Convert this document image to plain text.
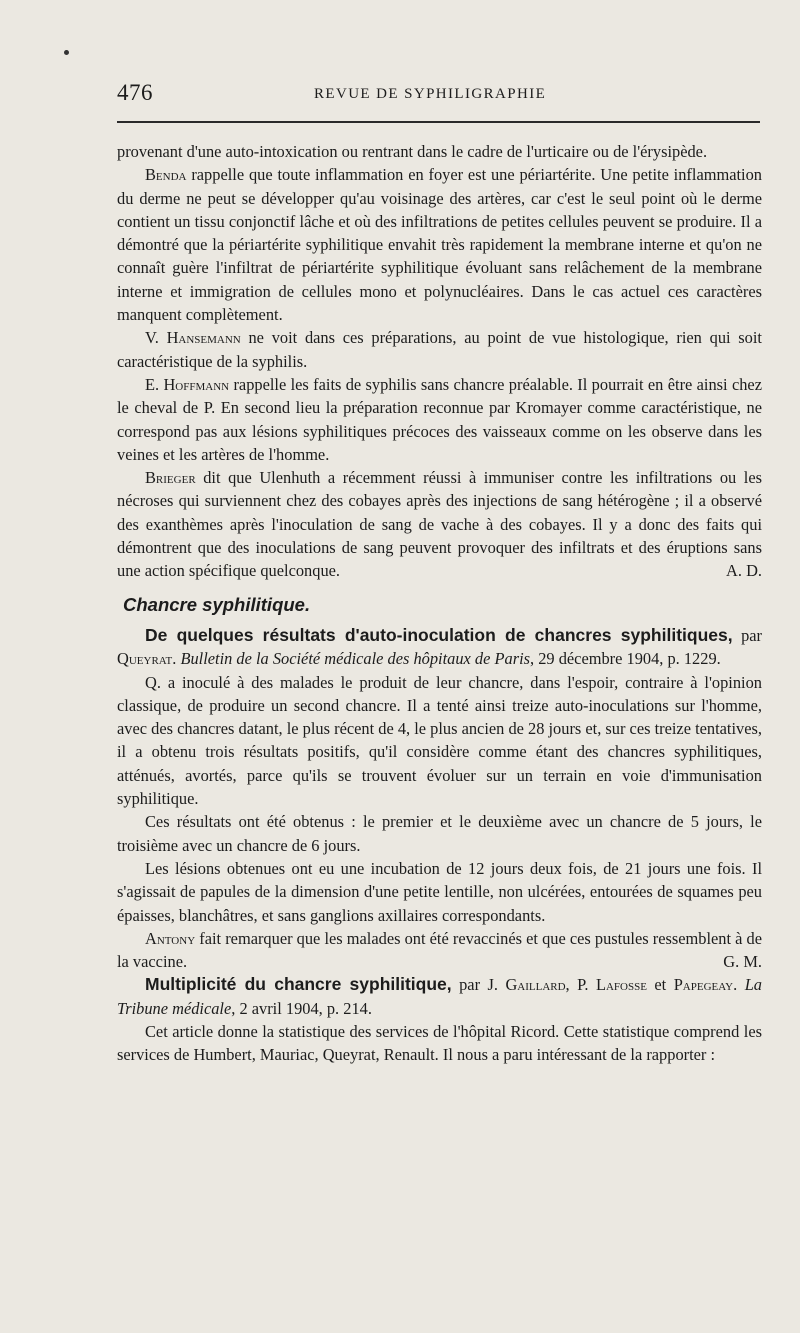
476	REVUE DE SYPHILIGRAPHIE

provenant d'une auto-intoxication ou rentrant dans le cadre de l'urticaire ou de l'érysipède.

Benda rappelle que toute inflammation en foyer est une périartérite. Une petite inflammation du derme ne peut se développer qu'au voisinage des artères, car c'est le seul point où le derme contient un tissu conjonctif lâche et où des infiltrations de petites cellules peuvent se produire. Il a démontré que la périartérite syphilitique envahit très rapidement la membrane interne et qu'on ne connaît guère l'infiltrat de périartérite syphilitique évoluant sans relâchement de la membrane interne et immigration de cellules mono et polynucléaires. Dans le cas actuel ces caractères manquent complètement.

V. Hansemann ne voit dans ces préparations, au point de vue histologique, rien qui soit caractéristique de la syphilis.

E. Hoffmann rappelle les faits de syphilis sans chancre préalable. Il pourrait en être ainsi chez le cheval de P. En second lieu la préparation reconnue par Kromayer comme caractéristique, ne correspond pas aux lésions syphilitiques précoces des vaisseaux comme on les observe dans les veines et les artères de l'homme.

Brieger dit que Ulenhuth a récemment réussi à immuniser contre les infiltrations ou les nécroses qui surviennent chez des cobayes après des injections de sang hétérogène ; il a observé des exanthèmes après l'inoculation de sang de vache à des cobayes. Il y a donc des faits qui démontrent que des inoculations de sang peuvent provoquer des infiltrats et des éruptions sans une action spécifique quelconque.	A. D.

Chancre syphilitique.

De quelques résultats d'auto-inoculation de chancres syphilitiques, par Queyrat. Bulletin de la Société médicale des hôpitaux de Paris, 29 décembre 1904, p. 1229.

Q. a inoculé à des malades le produit de leur chancre, dans l'espoir, contraire à l'opinion classique, de produire un second chancre. Il a tenté ainsi treize auto-inoculations sur l'homme, avec des chancres datant, le plus récent de 4, le plus ancien de 28 jours et, sur ces treize tentatives, il a obtenu trois résultats positifs, qu'il considère comme étant des chancres syphilitiques, atténués, avortés, parce qu'ils se trouvent évoluer sur un terrain en voie d'immunisation syphilitique.

Ces résultats ont été obtenus : le premier et le deuxième avec un chancre de 5 jours, le troisième avec un chancre de 6 jours.

Les lésions obtenues ont eu une incubation de 12 jours deux fois, de 21 jours une fois. Il s'agissait de papules de la dimension d'une petite lentille, non ulcérées, entourées de squames peu épaisses, blanchâtres, et sans ganglions axillaires correspondants.

Antony fait remarquer que les malades ont été revaccinés et que ces pustules ressemblent à de la vaccine.	G. M.

Multiplicité du chancre syphilitique, par J. Gaillard, P. Lafosse et Papegeay. La Tribune médicale, 2 avril 1904, p. 214.

Cet article donne la statistique des services de l'hôpital Ricord. Cette statistique comprend les services de Humbert, Mauriac, Queyrat, Renault. Il nous a paru intéressant de la rapporter :
